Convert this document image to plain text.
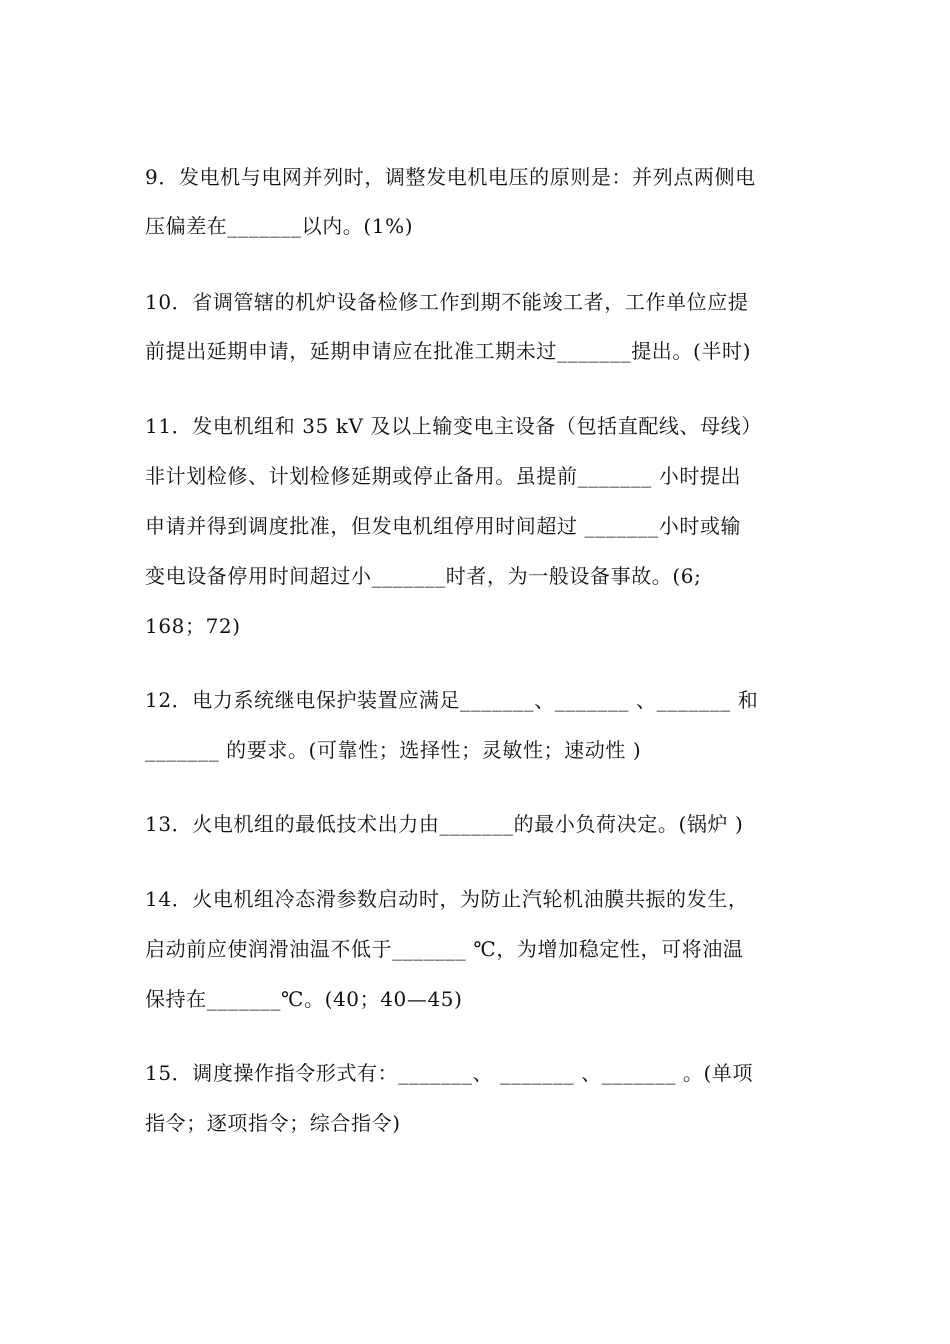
9．发电机与电网并列时，调整发电机电压的原则是：并列点两侧电
压偏差在_______以内。(1%)
10．省调管辖的机炉设备检修工作到期不能竣工者，工作单位应提
前提出延期申请，延期申请应在批准工期未过_______提出。(半时)
11．发电机组和 35 kV 及以上输变电主设备（包括直配线、母线）
非计划检修、计划检修延期或停止备用。虽提前_______ 小时提出
申请并得到调度批准，但发电机组停用时间超过 _______小时或输
变电设备停用时间超过小_______时者，为一般设备事故。(6;
168；72)
12．电力系统继电保护装置应满足_______、_______ 、_______ 和
_______ 的要求。(可靠性；选择性；灵敏性；速动性 )
13．火电机组的最低技术出力由_______的最小负荷决定。(锅炉 )
14．火电机组冷态滑参数启动时，为防止汽轮机油膜共振的发生，
启动前应使润滑油温不低于_______ ℃，为增加稳定性，可将油温
保持在_______℃。(40；40—45)
15．调度操作指令形式有：_______、 _______ 、_______ 。(单项
指令；逐项指令；综合指令)
